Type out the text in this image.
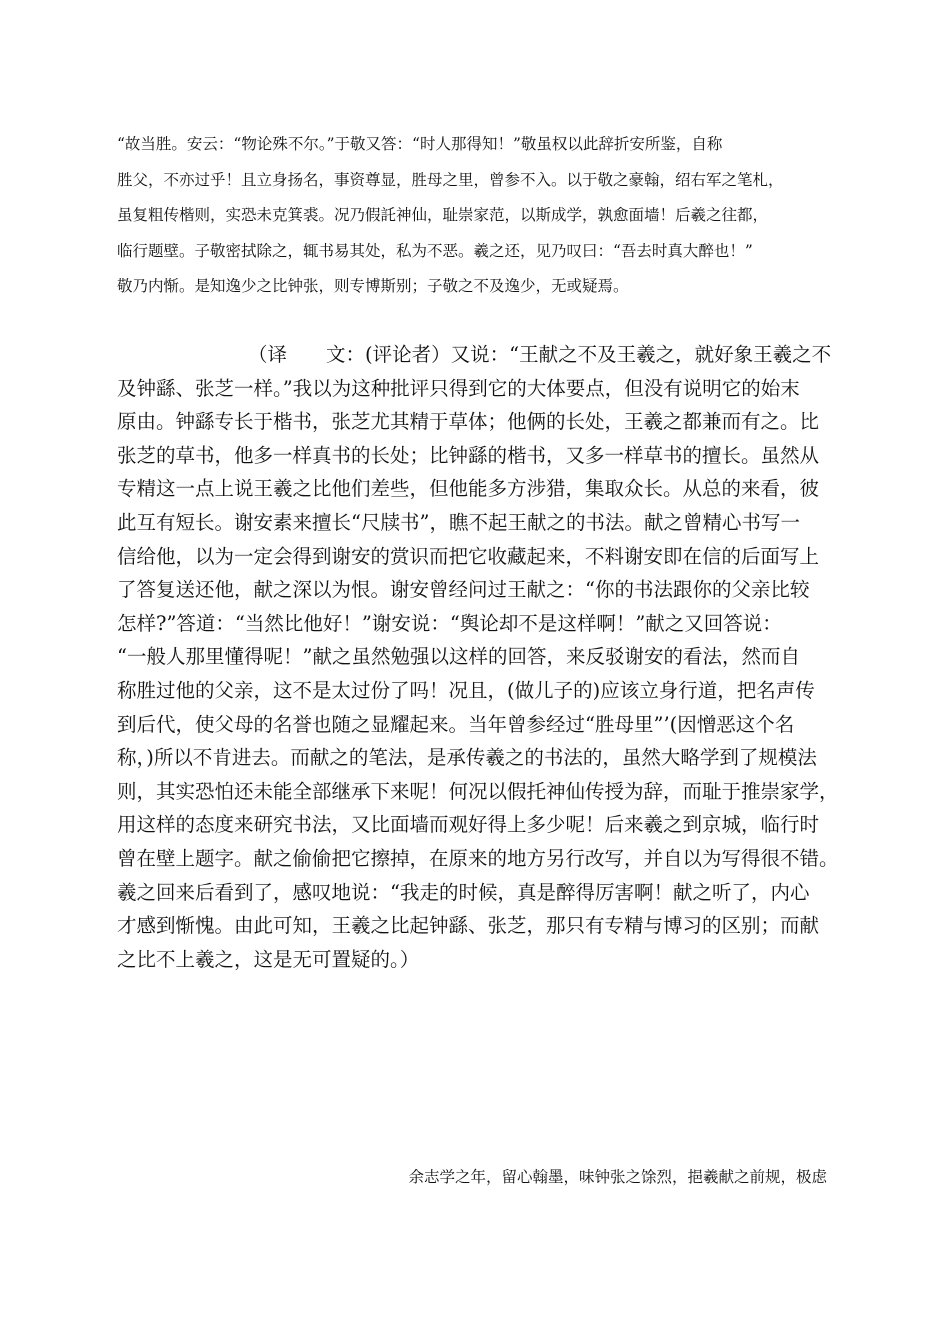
“故当胜。安云：“物论殊不尔。”于敬又答：“时人那得知！”敬虽权以此辞折安所鉴，自称
胜父，不亦过乎！且立身扬名，事资尊显，胜母之里，曾参不入。以于敬之豪翰，绍右军之笔札，
虽复粗传楷则，实恐未克箕裘。况乃假託神仙，耻崇家范，以斯成学，孰愈面墙！后羲之往都，
临行题壁。子敬密拭除之，辄书易其处，私为不恶。羲之还，见乃叹曰：“吾去时真大醉也！”
敬乃内惭。是知逸少之比钟张，则专博斯别；子敬之不及逸少，无或疑焉。
（译　　文：(评论者）又说：“王献之不及王羲之，就好象王羲之不
及钟繇、张芝一样。”我以为这种批评只得到它的大体要点，但没有说明它的始末
原由。钟繇专长于楷书，张芝尤其精于草体；他俩的长处，王羲之都兼而有之。比
张芝的草书，他多一样真书的长处；比钟繇的楷书，又多一样草书的擅长。虽然从
专精这一点上说王羲之比他们差些，但他能多方涉猎，集取众长。从总的来看，彼
此互有短长。谢安素来擅长“尺牍书”，瞧不起王献之的书法。献之曾精心书写一
信给他，以为一定会得到谢安的赏识而把它收藏起来，不料谢安即在信的后面写上
了答复送还他，献之深以为恨。谢安曾经问过王献之：“你的书法跟你的父亲比较
怎样?”答道：“当然比他好！”谢安说：“舆论却不是这样啊！”献之又回答说：
“一般人那里懂得呢！”献之虽然勉强以这样的回答，来反驳谢安的看法，然而自
称胜过他的父亲，这不是太过份了吗！况且，(做儿子的)应该立身行道，把名声传
到后代，使父母的名誉也随之显耀起来。当年曾参经过“胜母里”’(因憎恶这个名
称，)所以不肯进去。而献之的笔法，是承传羲之的书法的，虽然大略学到了规模法
则，其实恐怕还未能全部继承下来呢！何况以假托神仙传授为辞，而耻于推崇家学，
用这样的态度来研究书法，又比面墙而观好得上多少呢！后来羲之到京城，临行时
曾在壁上题字。献之偷偷把它擦掉，在原来的地方另行改写，并自以为写得很不错。
羲之回来后看到了，感叹地说：“我走的时候，真是醉得厉害啊！献之听了，内心
才感到惭愧。由此可知，王羲之比起钟繇、张芝，那只有专精与博习的区别；而献
之比不上羲之，这是无可置疑的。）
余志学之年，留心翰墨，味钟张之馀烈，挹羲献之前规，极虑
